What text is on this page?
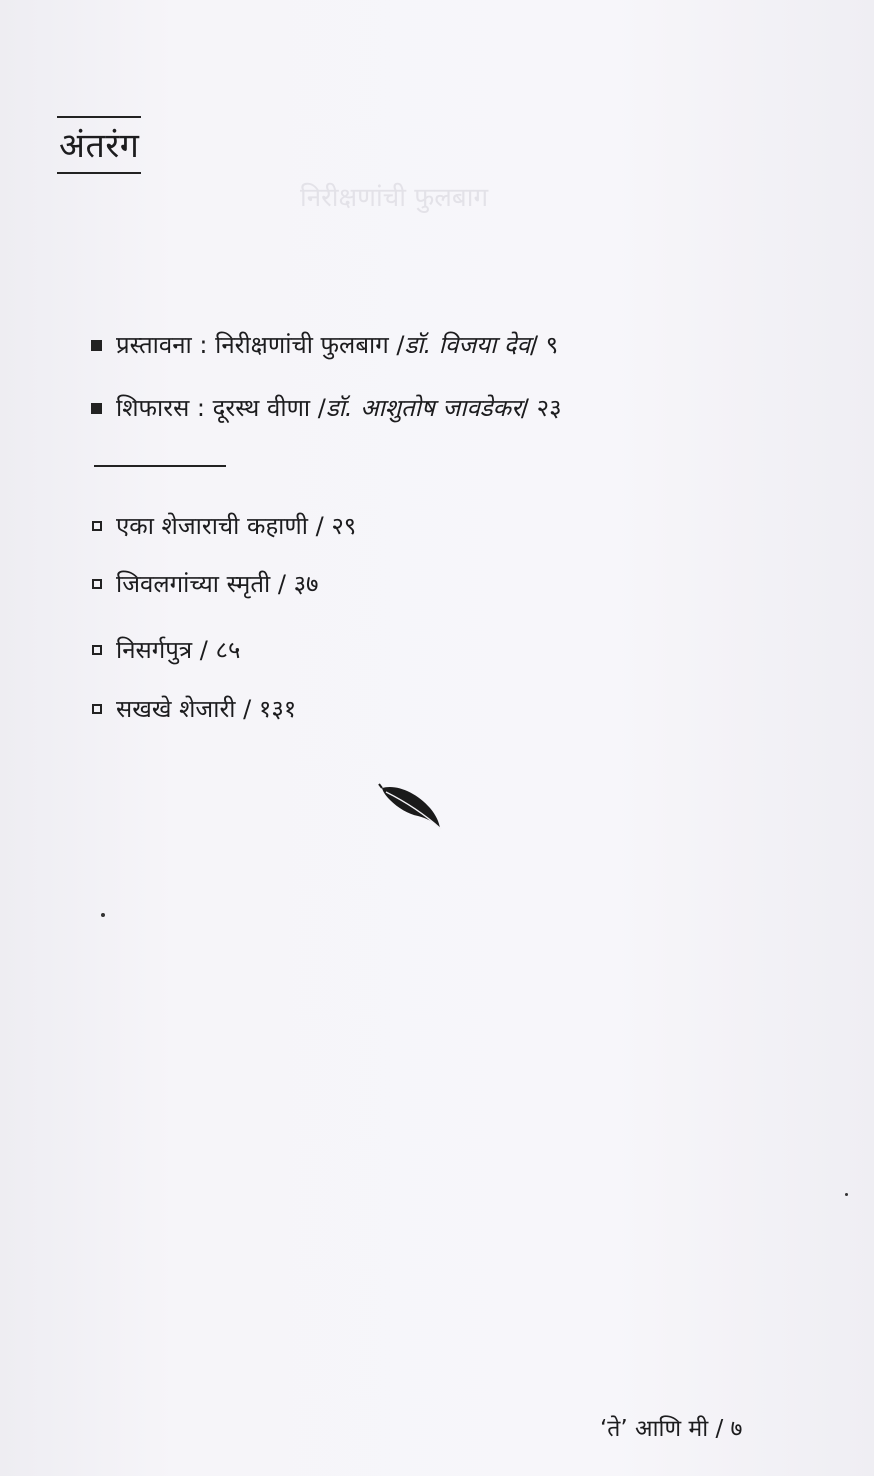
निरीक्षणांची फुलबाग
अंतरंग
प्रस्तावना : निरीक्षणांची फुलबाग / डॉ. विजया देव / ९
शिफारस : दूरस्थ वीणा / डॉ. आशुतोष जावडेकर / २३
एका शेजाराची कहाणी / २९
जिवलगांच्या स्मृती / ३७
निसर्गपुत्र / ८५
सखखे शेजारी / १३१
‘ते’ आणि मी / ७
